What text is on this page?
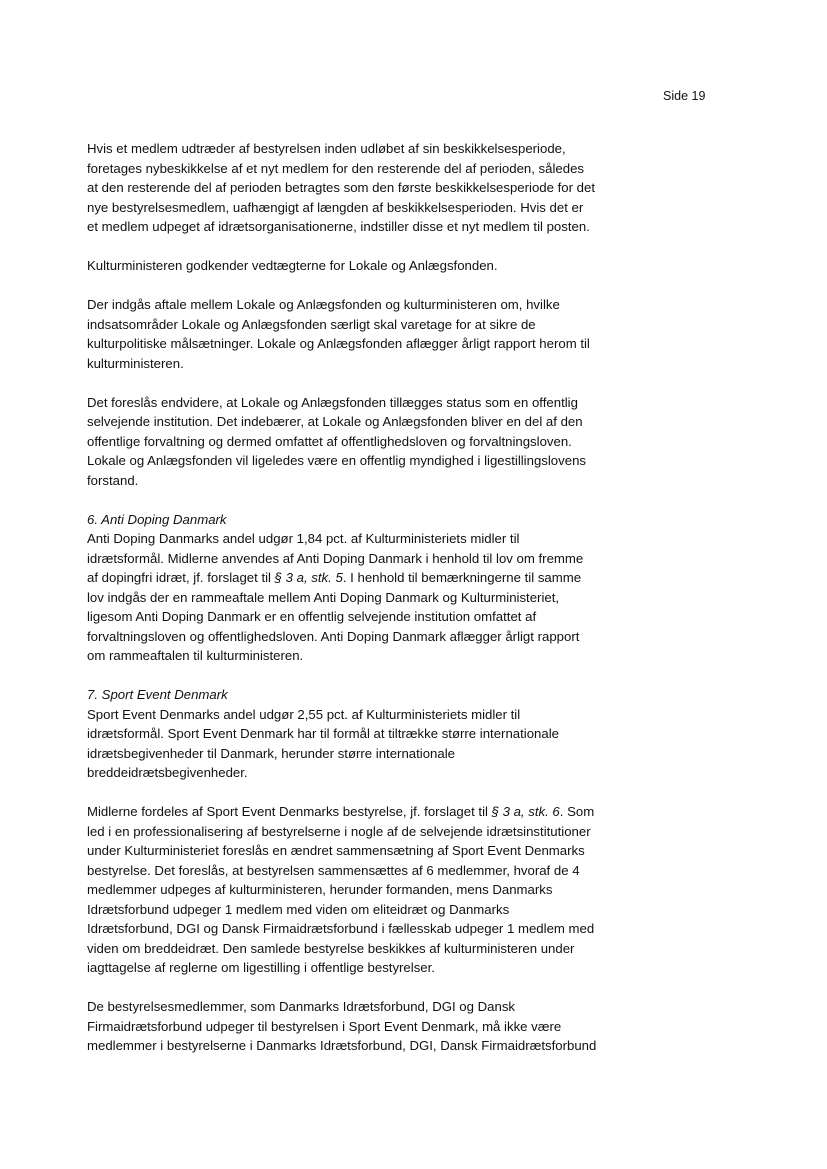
Side 19

Hvis et medlem udtræder af bestyrelsen inden udløbet af sin beskikkelsesperiode,
foretages nybeskikkelse af et nyt medlem for den resterende del af perioden, således
at den resterende del af perioden betragtes som den første beskikkelsesperiode for det
nye bestyrelsesmedlem, uafhængigt af længden af beskikkelsesperioden. Hvis det er
et medlem udpeget af idrætsorganisationerne, indstiller disse et nyt medlem til posten.

Kulturministeren godkender vedtægterne for Lokale og Anlægsfonden.

Der indgås aftale mellem Lokale og Anlægsfonden og kulturministeren om, hvilke
indsatsområder Lokale og Anlægsfonden særligt skal varetage for at sikre de
kulturpolitiske målsætninger. Lokale og Anlægsfonden aflægger årligt rapport herom til
kulturministeren.

Det foreslås endvidere, at Lokale og Anlægsfonden tillægges status som en offentlig
selvejende institution. Det indebærer, at Lokale og Anlægsfonden bliver en del af den
offentlige forvaltning og dermed omfattet af offentlighedsloven og forvaltningsloven.
Lokale og Anlægsfonden vil ligeledes være en offentlig myndighed i ligestillingslovens
forstand.

6. Anti Doping Danmark
Anti Doping Danmarks andel udgør 1,84 pct. af Kulturministeriets midler til
idrætsformål. Midlerne anvendes af Anti Doping Danmark i henhold til lov om fremme
af dopingfri idræt, jf. forslaget til § 3 a, stk. 5. I henhold til bemærkningerne til samme
lov indgås der en rammeaftale mellem Anti Doping Danmark og Kulturministeriet,
ligesom Anti Doping Danmark er en offentlig selvejende institution omfattet af
forvaltningsloven og offentlighedsloven. Anti Doping Danmark aflægger årligt rapport
om rammeaftalen til kulturministeren.

7. Sport Event Denmark
Sport Event Denmarks andel udgør 2,55 pct. af Kulturministeriets midler til
idrætsformål. Sport Event Denmark har til formål at tiltrække større internationale
idrætsbegivenheder til Danmark, herunder større internationale
breddeidrætsbegivenheder.

Midlerne fordeles af Sport Event Denmarks bestyrelse, jf. forslaget til § 3 a, stk. 6. Som
led i en professionalisering af bestyrelserne i nogle af de selvejende idrætsinstitutioner
under Kulturministeriet foreslås en ændret sammensætning af Sport Event Denmarks
bestyrelse. Det foreslås, at bestyrelsen sammensættes af 6 medlemmer, hvoraf de 4
medlemmer udpeges af kulturministeren, herunder formanden, mens Danmarks
Idrætsforbund udpeger 1 medlem med viden om eliteidræt og Danmarks
Idrætsforbund, DGI og Dansk Firmaidrætsforbund i fællesskab udpeger 1 medlem med
viden om breddeidræt. Den samlede bestyrelse beskikkes af kulturministeren under
iagttagelse af reglerne om ligestilling i offentlige bestyrelser.

De bestyrelsesmedlemmer, som Danmarks Idrætsforbund, DGI og Dansk
Firmaidrætsforbund udpeger til bestyrelsen i Sport Event Denmark, må ikke være
medlemmer i bestyrelserne i Danmarks Idrætsforbund, DGI, Dansk Firmaidrætsforbund
